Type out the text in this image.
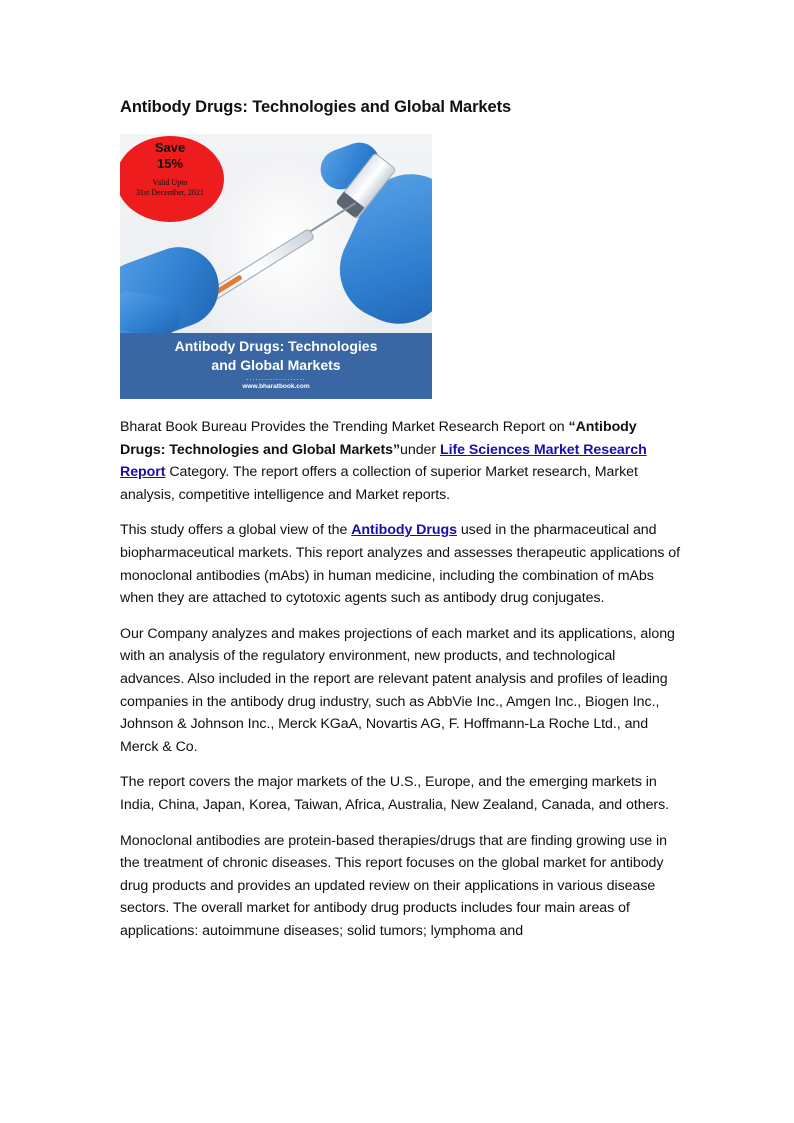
Antibody Drugs: Technologies and Global Markets
Save
15%
Valid Upto
31st December, 2021
Antibody Drugs: Technologies
and Global Markets
....................
www.bharatbook.com

Bharat Book Bureau Provides the Trending Market Research Report on “Antibody Drugs: Technologies and Global Markets”under Life Sciences Market Research Report Category. The report offers a collection of superior Market research, Market analysis, competitive intelligence and Market reports.

This study offers a global view of the Antibody Drugs used in the pharmaceutical and biopharmaceutical markets. This report analyzes and assesses therapeutic applications of monoclonal antibodies (mAbs) in human medicine, including the combination of mAbs when they are attached to cytotoxic agents such as antibody drug conjugates.

Our Company analyzes and makes projections of each market and its applications, along with an analysis of the regulatory environment, new products, and technological advances. Also included in the report are relevant patent analysis and profiles of leading companies in the antibody drug industry, such as AbbVie Inc., Amgen Inc., Biogen Inc., Johnson & Johnson Inc., Merck KGaA, Novartis AG, F. Hoffmann-La Roche Ltd., and Merck & Co.

The report covers the major markets of the U.S., Europe, and the emerging markets in India, China, Japan, Korea, Taiwan, Africa, Australia, New Zealand, Canada, and others.

Monoclonal antibodies are protein-based therapies/drugs that are finding growing use in the treatment of chronic diseases. This report focuses on the global market for antibody drug products and provides an updated review on their applications in various disease sectors. The overall market for antibody drug products includes four main areas of applications: autoimmune diseases; solid tumors; lymphoma and
